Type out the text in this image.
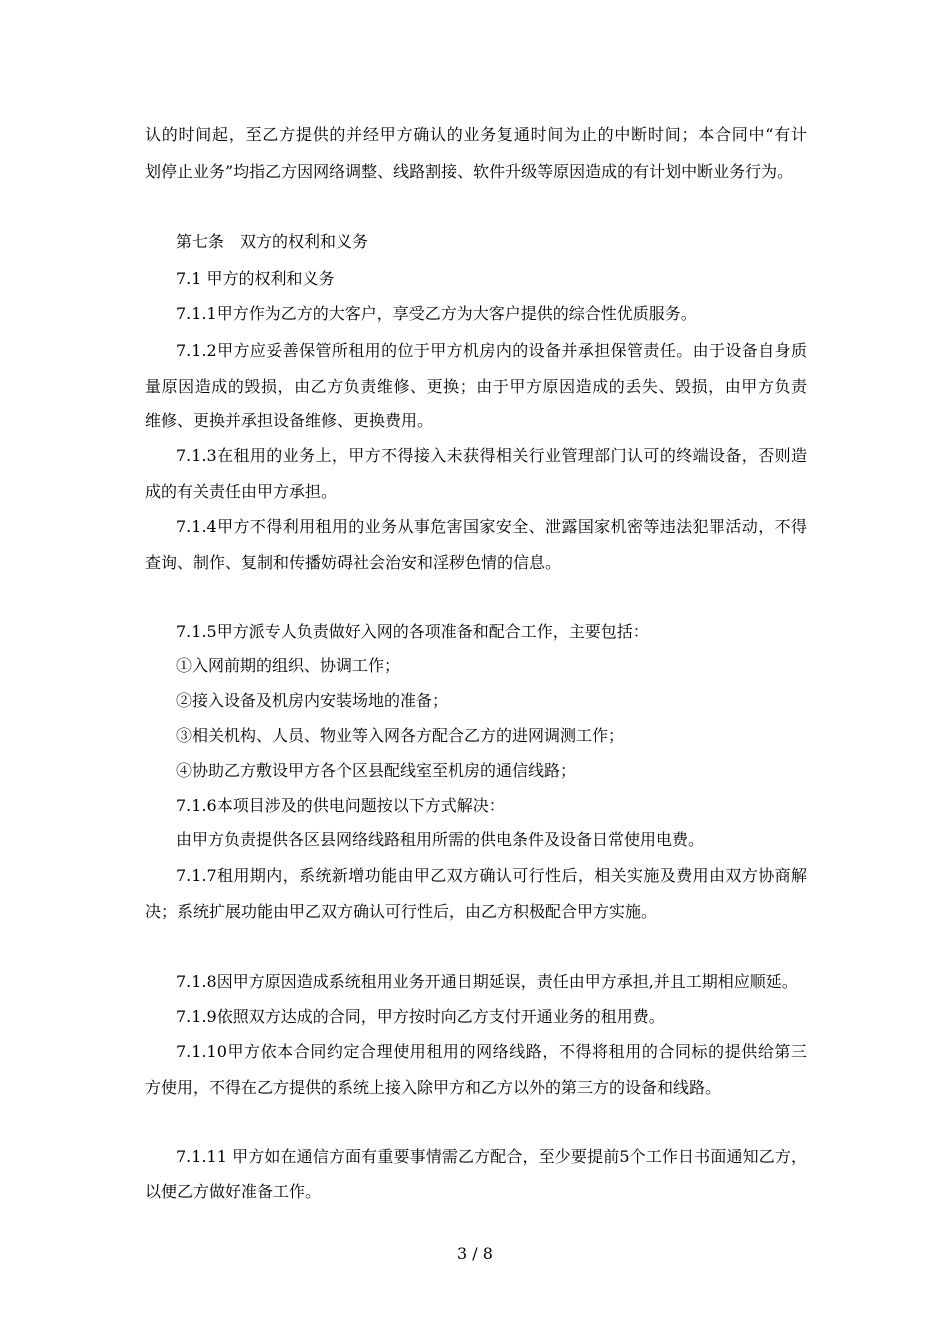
认的时间起，至乙方提供的并经甲方确认的业务复通时间为止的中断时间；本合同中“有计
划停止业务”均指乙方因网络调整、线路割接、软件升级等原因造成的有计划中断业务行为。
第七条　双方的权利和义务
7.1 甲方的权利和义务
7.1.1甲方作为乙方的大客户，享受乙方为大客户提供的综合性优质服务。
7.1.2甲方应妥善保管所租用的位于甲方机房内的设备并承担保管责任。由于设备自身质
量原因造成的毁损，由乙方负责维修、更换；由于甲方原因造成的丢失、毁损，由甲方负责
维修、更换并承担设备维修、更换费用。
7.1.3在租用的业务上，甲方不得接入未获得相关行业管理部门认可的终端设备，否则造
成的有关责任由甲方承担。
7.1.4甲方不得利用租用的业务从事危害国家安全、泄露国家机密等违法犯罪活动，不得
查询、制作、复制和传播妨碍社会治安和淫秽色情的信息。
7.1.5甲方派专人负责做好入网的各项准备和配合工作，主要包括：
①入网前期的组织、协调工作；
②接入设备及机房内安装场地的准备；
③相关机构、人员、物业等入网各方配合乙方的进网调测工作；
④协助乙方敷设甲方各个区县配线室至机房的通信线路；
7.1.6本项目涉及的供电问题按以下方式解决：
由甲方负责提供各区县网络线路租用所需的供电条件及设备日常使用电费。
7.1.7租用期内，系统新增功能由甲乙双方确认可行性后，相关实施及费用由双方协商解
决；系统扩展功能由甲乙双方确认可行性后，由乙方积极配合甲方实施。
7.1.8因甲方原因造成系统租用业务开通日期延误，责任由甲方承担,并且工期相应顺延。
7.1.9依照双方达成的合同，甲方按时向乙方支付开通业务的租用费。
7.1.10甲方依本合同约定合理使用租用的网络线路，不得将租用的合同标的提供给第三
方使用，不得在乙方提供的系统上接入除甲方和乙方以外的第三方的设备和线路。
7.1.11 甲方如在通信方面有重要事情需乙方配合，至少要提前5个工作日书面通知乙方，
以便乙方做好准备工作。
3 / 8
